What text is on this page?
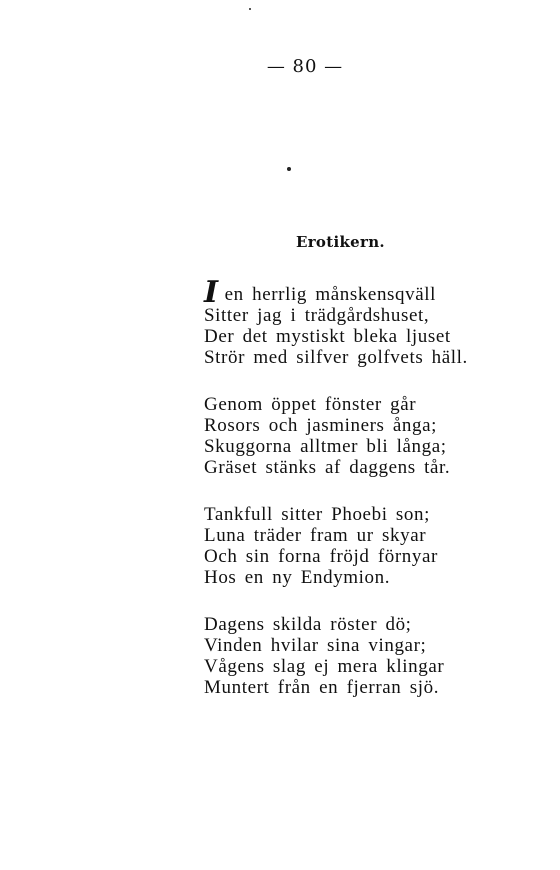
— 80 —
Erotikern.
Ien herrlig månskensqväll
Sitter jag i trädgårdshuset,
Der det mystiskt bleka ljuset
Strör med silfver golfvets häll.
Genom öppet fönster går
Rosors och jasminers ånga;
Skuggorna alltmer bli långa;
Gräset stänks af daggens tår.
Tankfull sitter Phoebi son;
Luna träder fram ur skyar
Och sin forna fröjd förnyar
Hos en ny Endymion.
Dagens skilda röster dö;
Vinden hvilar sina vingar;
Vågens slag ej mera klingar
Muntert från en fjerran sjö.
